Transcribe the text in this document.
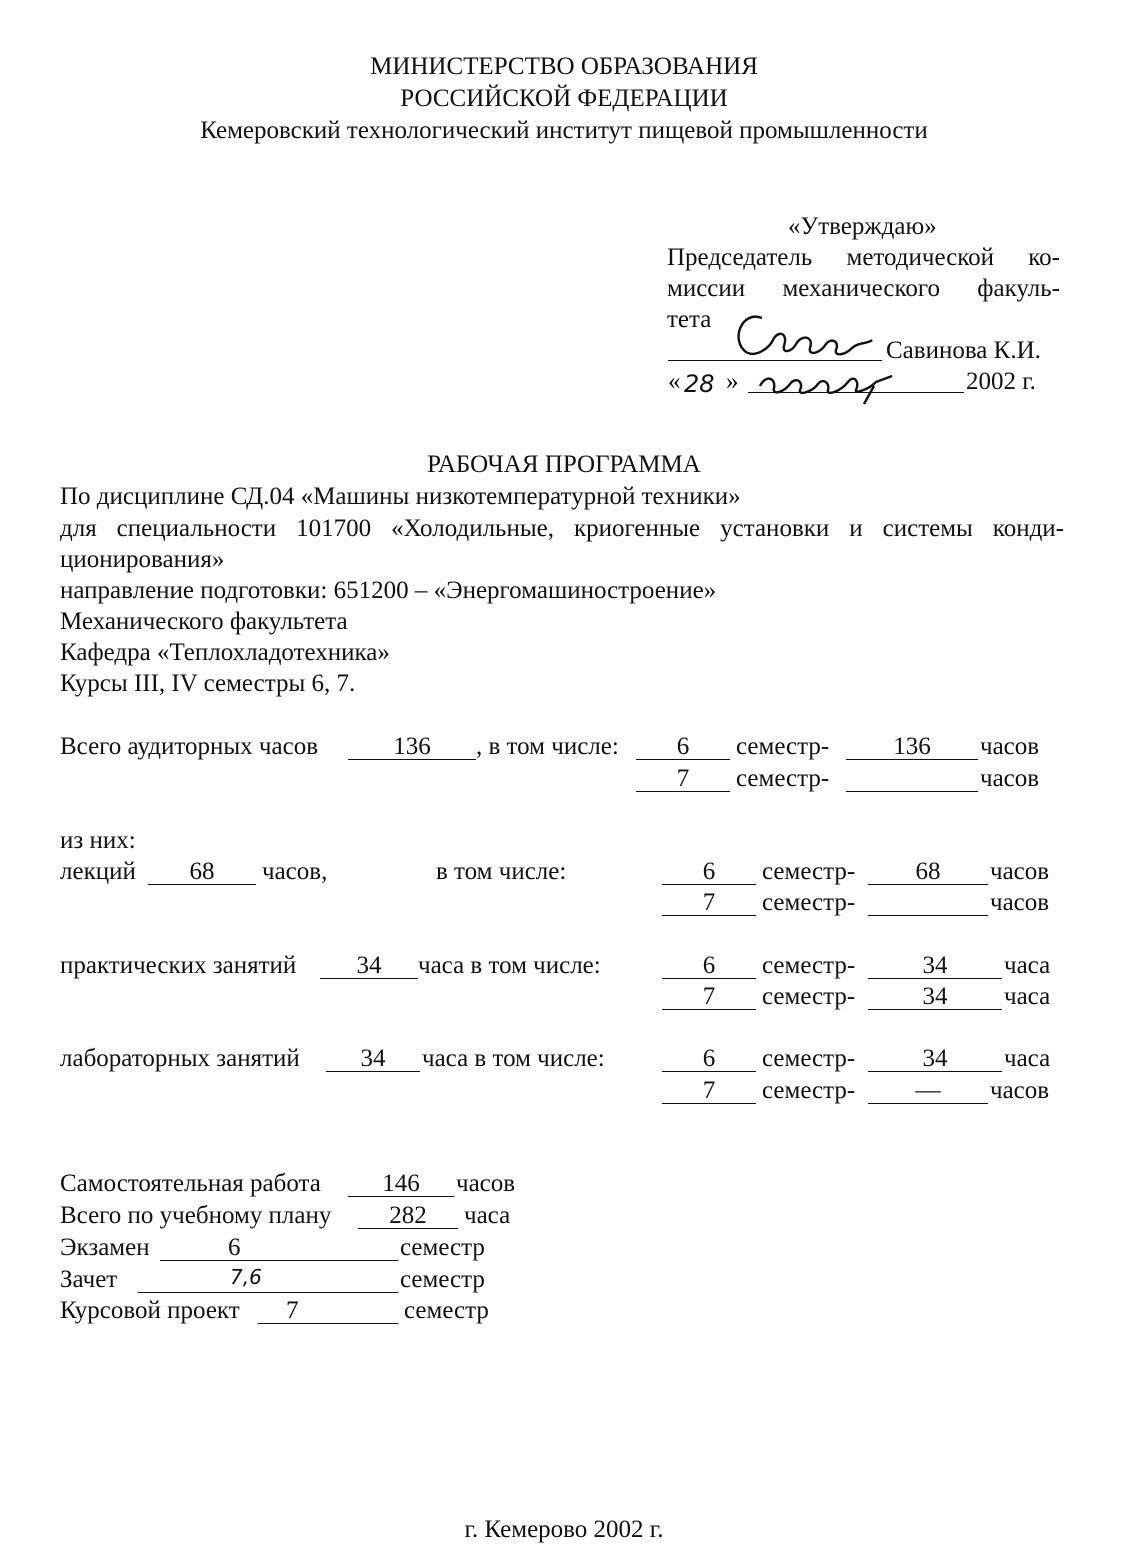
МИНИСТЕРСТВО ОБРАЗОВАНИЯ
РОССИЙСКОЙ ФЕДЕРАЦИИ
Кемеровский технологический институт пищевой промышленности
«Утверждаю»
Председатель методической ко-
миссии механического факуль-
тета
Савинова К.И.
« 28 »	2002 г.
РАБОЧАЯ ПРОГРАММА
По дисциплине СД.04 «Машины низкотемпературной техники»
для специальности 101700 «Холодильные, криогенные установки и системы конди-
ционирования»
направление подготовки: 651200 – «Энергомашиностроение»
Механического факультета
Кафедра «Теплохладотехника»
Курсы III, IV семестры 6, 7.
Всего аудиторных часов	136	, в том числе:	6	семестр-	136	часов
7	семестр-	часов
из них:
лекций	68	часов,	в том числе:	6	семестр-	68	часов
7	семестр-	часов
практических занятий	34	часа в том числе:	6	семестр-	34	часа
7	семестр-	34	часа
лабораторных занятий	34	часа в том числе:	6	семестр-	34	часа
7	семестр-	—	часов
Самостоятельная работа	146	часов
Всего по учебному плану	282	часа
Экзамен	6	семестр
Зачет	7,6	семестр
Курсовой проект	7	семестр
г. Кемерово 2002 г.
